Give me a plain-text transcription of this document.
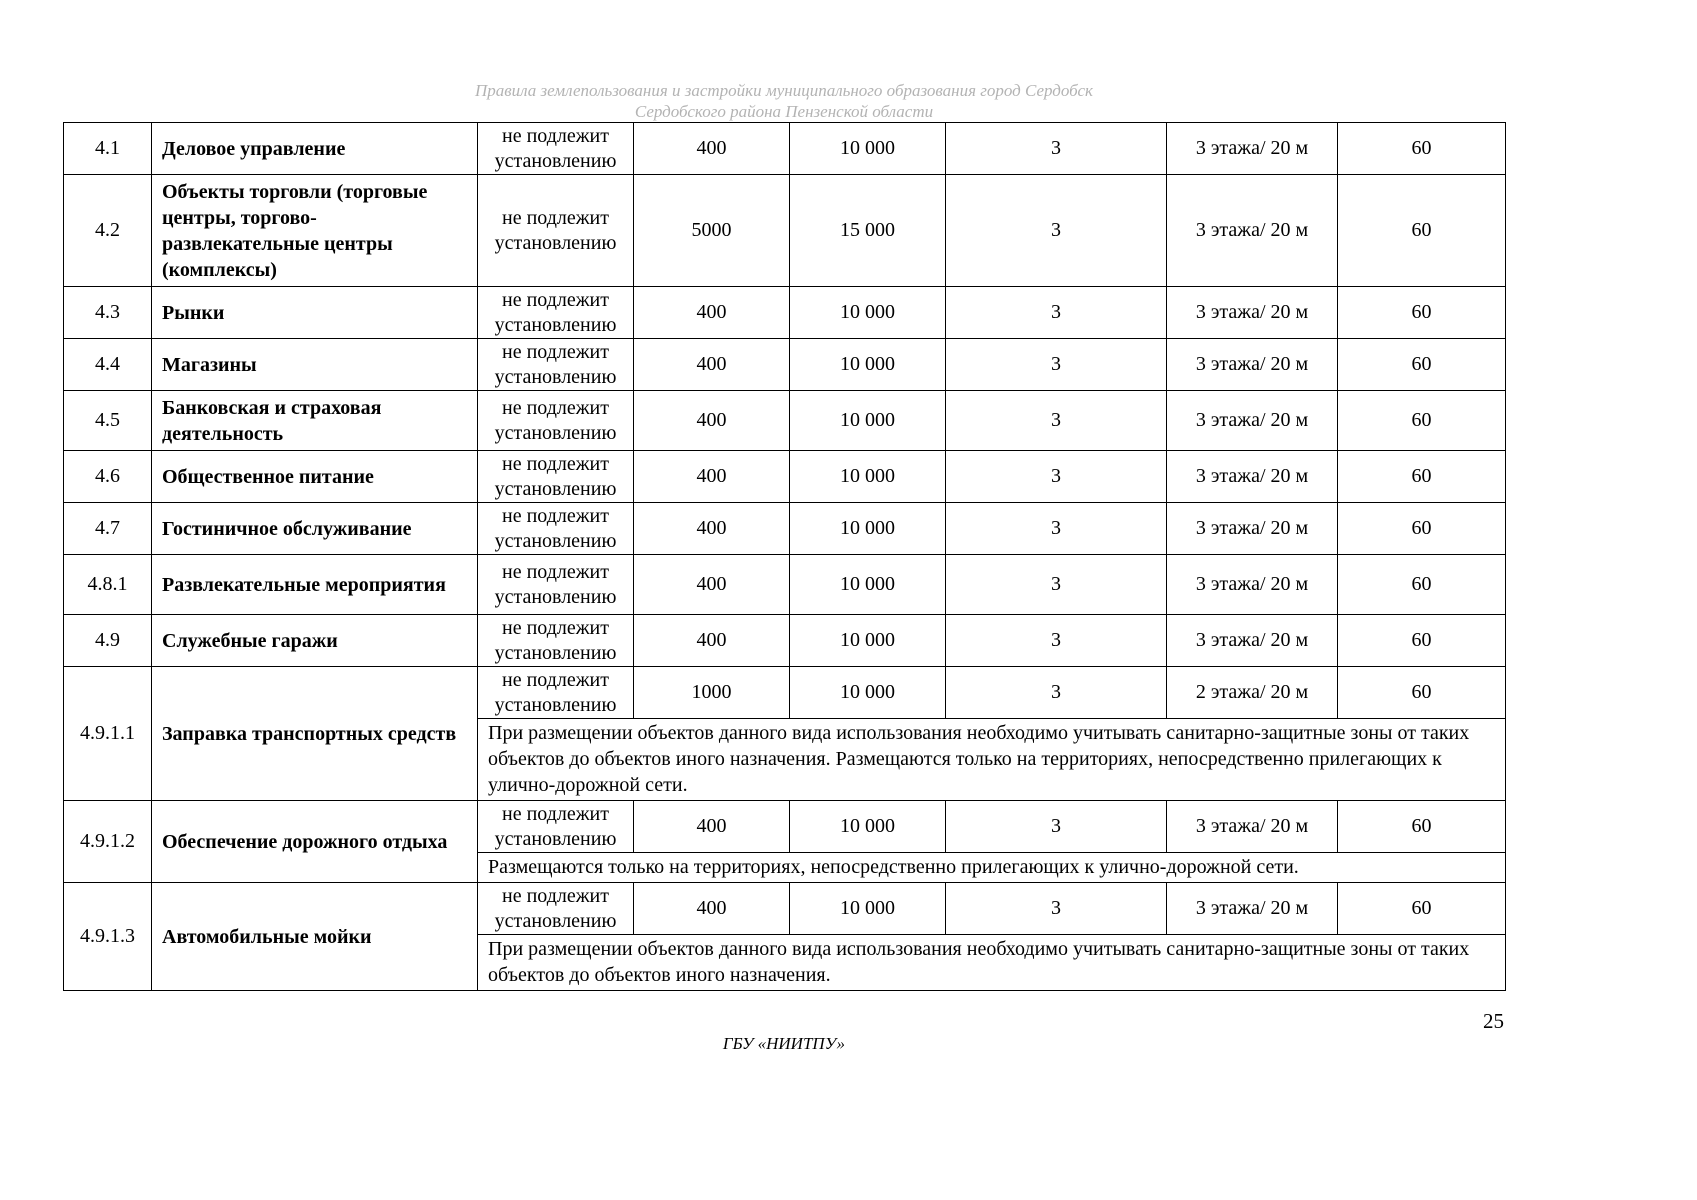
Правила землепользования и застройки муниципального образования город Сердобск
Сердобского района Пензенской области
4.1	Деловое управление	не подлежит установлению	400	10 000	3	3 этажа/ 20 м	60
4.2	Объекты торговли (торговые центры, торгово-развлекательные центры (комплексы)	не подлежит установлению	5000	15 000	3	3 этажа/ 20 м	60
4.3	Рынки	не подлежит установлению	400	10 000	3	3 этажа/ 20 м	60
4.4	Магазины	не подлежит установлению	400	10 000	3	3 этажа/ 20 м	60
4.5	Банковская и страховая деятельность	не подлежит установлению	400	10 000	3	3 этажа/ 20 м	60
4.6	Общественное питание	не подлежит установлению	400	10 000	3	3 этажа/ 20 м	60
4.7	Гостиничное обслуживание	не подлежит установлению	400	10 000	3	3 этажа/ 20 м	60
4.8.1	Развлекательные мероприятия	не подлежит установлению	400	10 000	3	3 этажа/ 20 м	60
4.9	Служебные гаражи	не подлежит установлению	400	10 000	3	3 этажа/ 20 м	60
4.9.1.1	Заправка транспортных средств	не подлежит установлению	1000	10 000	3	2 этажа/ 20 м	60
		При размещении объектов данного вида использования необходимо учитывать санитарно-защитные зоны от таких объектов до объектов иного назначения. Размещаются только на территориях, непосредственно прилегающих к улично-дорожной сети.					
4.9.1.2	Обеспечение дорожного отдыха	не подлежит установлению	400	10 000	3	3 этажа/ 20 м	60
		Размещаются только на территориях, непосредственно прилегающих к улично-дорожной сети.					
4.9.1.3	Автомобильные мойки	не подлежит установлению	400	10 000	3	3 этажа/ 20 м	60
		При размещении объектов данного вида использования необходимо учитывать санитарно-защитные зоны от таких объектов до объектов иного назначения.					
25
ГБУ «НИИТПУ»
